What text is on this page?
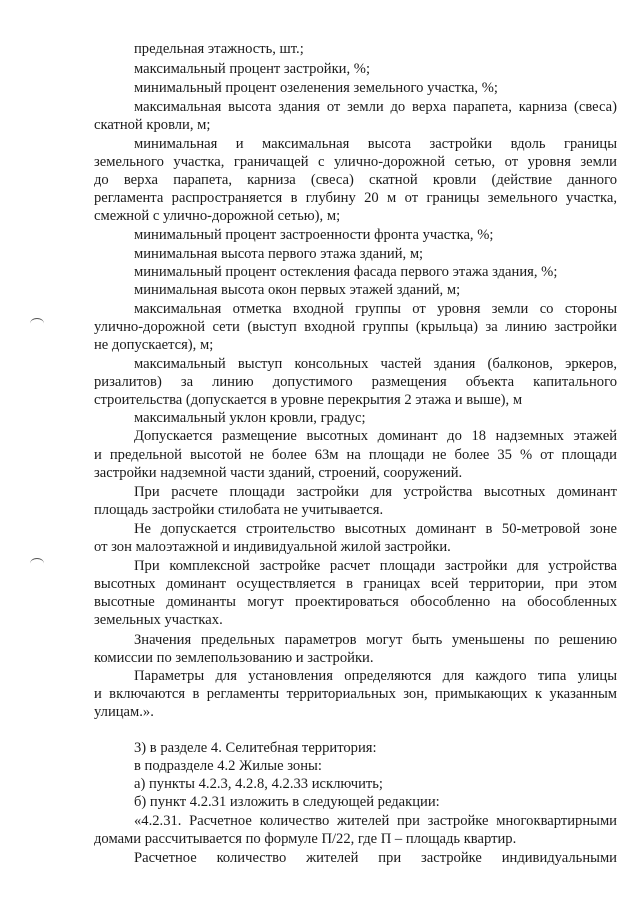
предельная этажность, шт.;

максимальный процент застройки, %;

минимальный процент озеленения земельного участка, %;

максимальная высота здания от земли до верха парапета, карниза (свеса)

скатной кровли, м;

минимальная и максимальная высота застройки вдоль границы

земельного участка, граничащей с улично-дорожной сетью, от уровня земли

до верха парапета, карниза (свеса) скатной кровли (действие данного

регламента распространяется в глубину 20 м от границы земельного участка,

смежной с улично-дорожной сетью), м;

минимальный процент застроенности фронта участка, %;

минимальная высота первого этажа зданий, м;

минимальный процент остекления фасада первого этажа здания, %;

минимальная высота окон первых этажей зданий, м;

максимальная отметка входной группы от уровня земли со стороны

улично-дорожной сети (выступ входной группы (крыльца) за линию застройки

не допускается), м;

максимальный выступ консольных частей здания (балконов, эркеров,

ризалитов) за линию допустимого размещения объекта капитального

строительства (допускается в уровне перекрытия 2 этажа и выше), м

максимальный уклон кровли, градус;

Допускается размещение высотных доминант до 18 надземных этажей

и предельной высотой не более 63м на площади не более 35 % от площади

застройки надземной части зданий, строений, сооружений.

При расчете площади застройки для устройства высотных доминант

площадь застройки стилобата не учитывается.

Не допускается строительство высотных доминант в 50-метровой зоне

от зон малоэтажной и индивидуальной жилой застройки.

При комплексной застройке расчет площади застройки для устройства

высотных доминант осуществляется в границах всей территории, при этом

высотные доминанты могут проектироваться обособленно на обособленных

земельных участках.

Значения предельных параметров могут быть уменьшены по решению

комиссии по землепользованию и застройки.

Параметры для установления определяются для каждого типа улицы

и включаются в регламенты территориальных зон, примыкающих к указанным

улицам.».

3) в разделе 4. Селитебная территория:

в подразделе 4.2 Жилые зоны:

а) пункты 4.2.3, 4.2.8, 4.2.33 исключить;

б) пункт 4.2.31 изложить в следующей редакции:

«4.2.31. Расчетное количество жителей при застройке многоквартирными

домами рассчитывается по формуле П/22, где П – площадь квартир.

Расчетное количество жителей при застройке индивидуальными
